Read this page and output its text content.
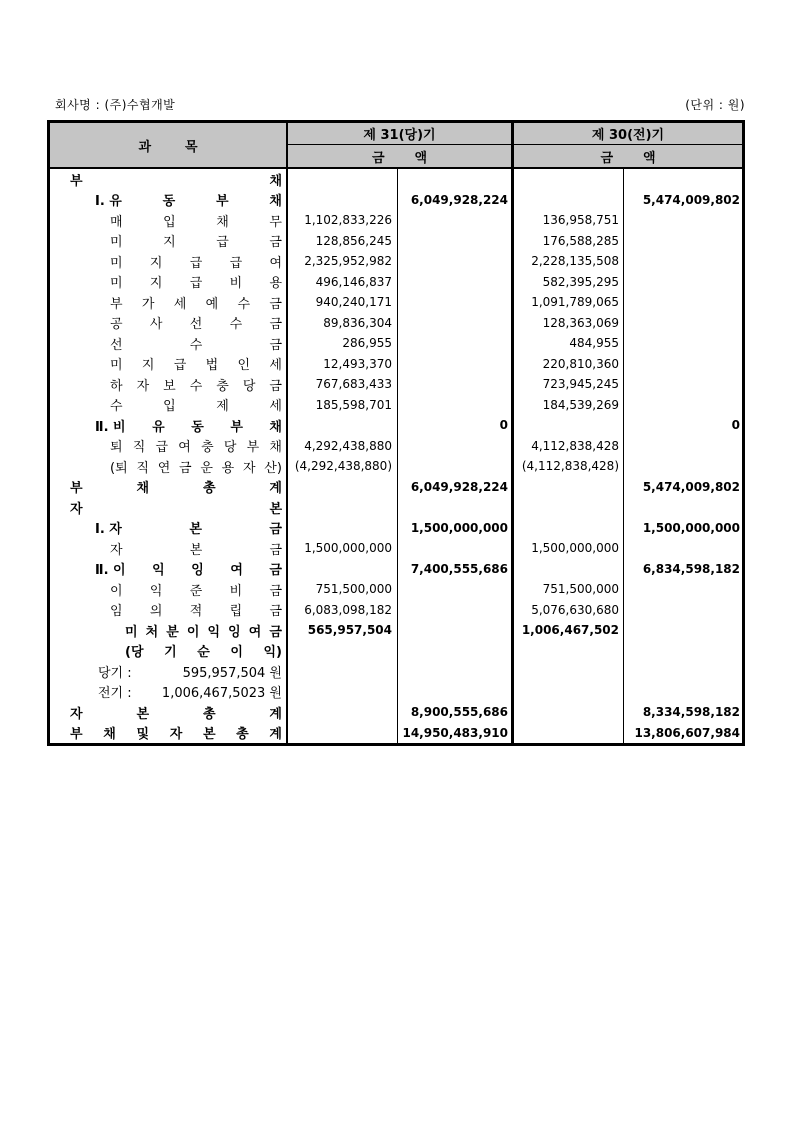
회사명 : (주)수협개발	(단위 : 원)
과	목
제 31(당)기	제 30(전)기
금 액	금 액
부	채
Ⅰ. 유	동	부	채	6,049,928,224	5,474,009,802
매	입	채	무	1,102,833,226	136,958,751
미	지	급	금	128,856,245	176,588,285
미 지 급 급 여	2,325,952,982	2,228,135,508
미 지 급 비 용	496,146,837	582,395,295
부 가 세 예 수 금	940,240,171	1,091,789,065
공 사 선 수 금	89,836,304	128,363,069
선	수	금	286,955	484,955
미 지 급 법 인 세	12,493,370	220,810,360
하 자 보 수 충 당 금	767,683,433	723,945,245
수	입	제	세	185,598,701	184,539,269
Ⅱ. 비 유 동 부 채	0	0
퇴 직 급 여 충 당 부 채	4,292,438,880	4,112,838,428
(퇴 직 연 금 운 용 자 산)	(4,292,438,880)	(4,112,838,428)
부	채	총	계	6,049,928,224	5,474,009,802
자	본
Ⅰ. 자	본	금	1,500,000,000	1,500,000,000
자	본	금	1,500,000,000	1,500,000,000
Ⅱ. 이 익 잉 여 금	7,400,555,686	6,834,598,182
이 익 준 비 금	751,500,000	751,500,000
임 의 적 립 금	6,083,098,182	5,076,630,680
미 처 분 이 익 잉 여 금	565,957,504	1,006,467,502
(당 기 순 이 익)
당기 :	595,957,504 원
전기 : 1,006,467,5023 원
자	본	총	계	8,900,555,686	8,334,598,182
부 채 및 자 본 총 계	14,950,483,910	13,806,607,984
